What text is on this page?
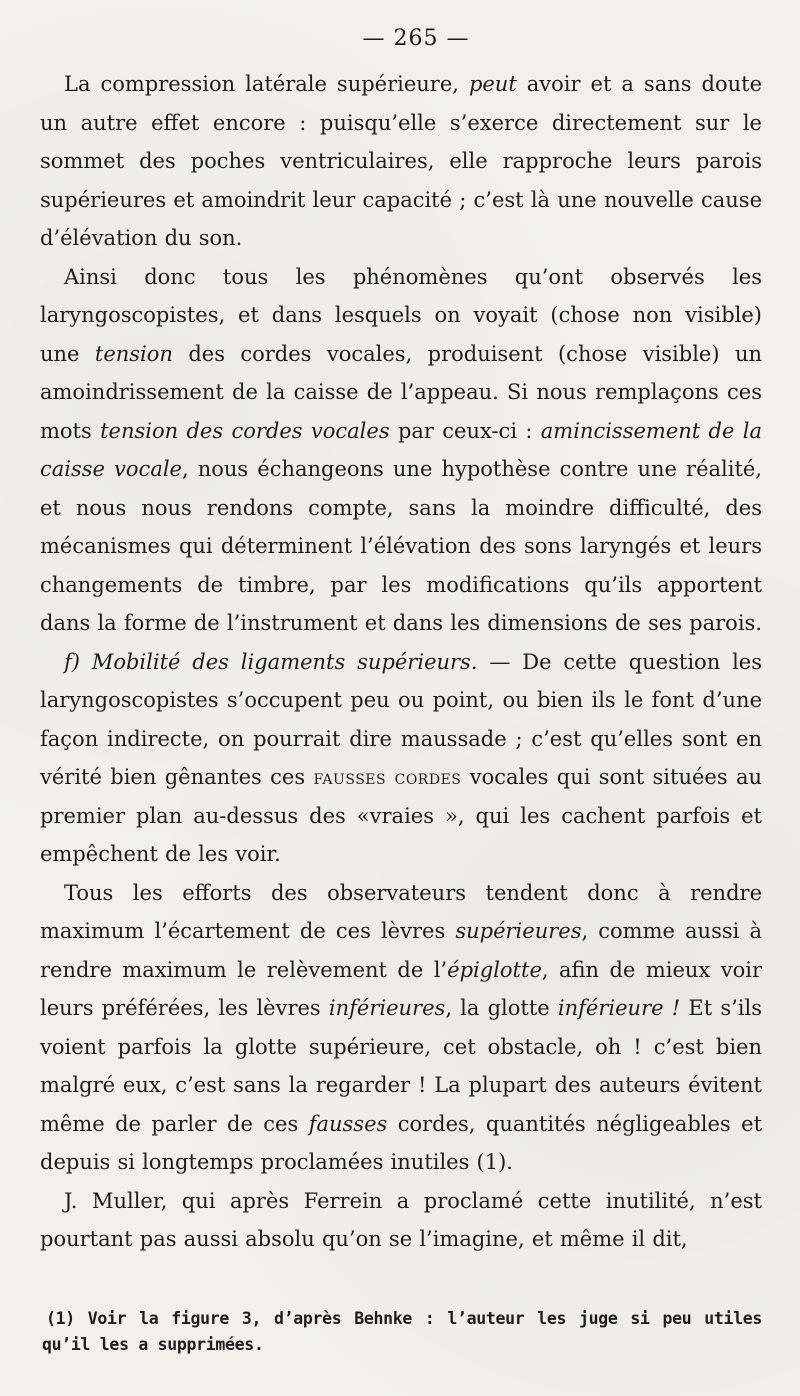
— 265 —

La compression latérale supérieure, peut avoir et a sans doute un autre effet encore : puisqu’elle s’exerce directement sur le sommet des poches ventriculaires, elle rapproche leurs parois supérieures et amoindrit leur capacité ; c’est là une nouvelle cause d’élévation du son.

Ainsi donc tous les phénomènes qu’ont observés les laryngoscopistes, et dans lesquels on voyait (chose non visible) une tension des cordes vocales, produisent (chose visible) un amoindrissement de la caisse de l’appeau. Si nous remplaçons ces mots tension des cordes vocales par ceux-ci : amincissement de la caisse vocale, nous échangeons une hypothèse contre une réalité, et nous nous rendons compte, sans la moindre difficulté, des mécanismes qui déterminent l’élévation des sons laryngés et leurs changements de timbre, par les modifications qu’ils apportent dans la forme de l’instrument et dans les dimensions de ses parois.

f) Mobilité des ligaments supérieurs. — De cette question les laryngoscopistes s’occupent peu ou point, ou bien ils le font d’une façon indirecte, on pourrait dire maussade ; c’est qu’elles sont en vérité bien gênantes ces fausses cordes vocales qui sont situées au premier plan au-dessus des «vraies », qui les cachent parfois et empêchent de les voir.

Tous les efforts des observateurs tendent donc à rendre maximum l’écartement de ces lèvres supérieures, comme aussi à rendre maximum le relèvement de l’épiglotte, afin de mieux voir leurs préférées, les lèvres inférieures, la glotte inférieure ! Et s’ils voient parfois la glotte supérieure, cet obstacle, oh ! c’est bien malgré eux, c’est sans la regarder ! La plupart des auteurs évitent même de parler de ces fausses cordes, quantités négligeables et depuis si longtemps proclamées inutiles (1).

J. Muller, qui après Ferrein a proclamé cette inutilité, n’est pourtant pas aussi absolu qu’on se l’imagine, et même il dit,

(1) Voir la figure 3, d’après Behnke : l’auteur les juge si peu utiles qu’il les a supprimées.
